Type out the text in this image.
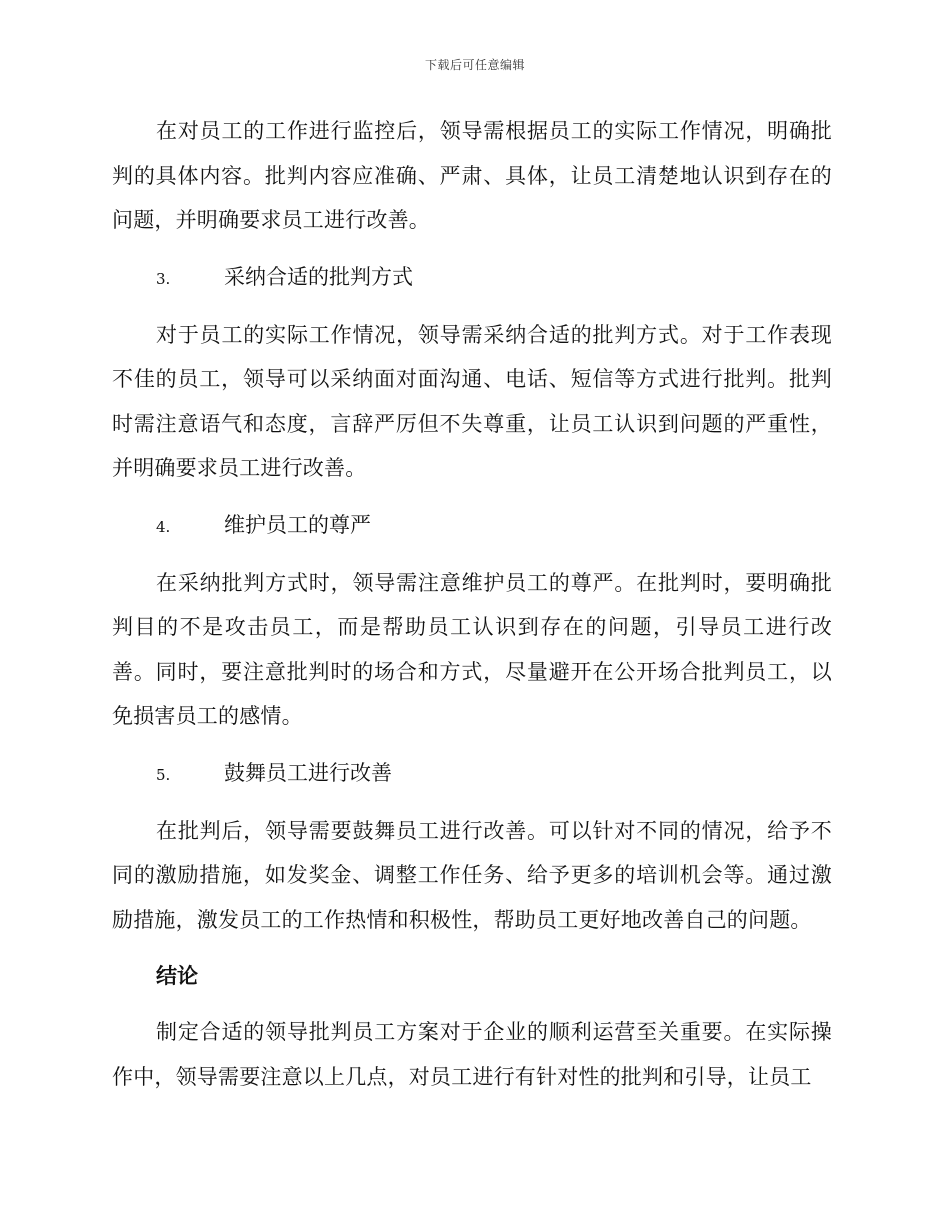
下载后可任意编辑

在对员工的工作进行监控后，领导需根据员工的实际工作情况，明确批判的具体内容。批判内容应准确、严肃、具体，让员工清楚地认识到存在的问题，并明确要求员工进行改善。

3.	采纳合适的批判方式

对于员工的实际工作情况，领导需采纳合适的批判方式。对于工作表现不佳的员工，领导可以采纳面对面沟通、电话、短信等方式进行批判。批判时需注意语气和态度，言辞严厉但不失尊重，让员工认识到问题的严重性，并明确要求员工进行改善。

4.	维护员工的尊严

在采纳批判方式时，领导需注意维护员工的尊严。在批判时，要明确批判目的不是攻击员工，而是帮助员工认识到存在的问题，引导员工进行改善。同时，要注意批判时的场合和方式，尽量避开在公开场合批判员工，以免损害员工的感情。

5.	鼓舞员工进行改善

在批判后，领导需要鼓舞员工进行改善。可以针对不同的情况，给予不同的激励措施，如发奖金、调整工作任务、给予更多的培训机会等。通过激励措施，激发员工的工作热情和积极性，帮助员工更好地改善自己的问题。

结论

制定合适的领导批判员工方案对于企业的顺利运营至关重要。在实际操作中，领导需要注意以上几点，对员工进行有针对性的批判和引导，让员工
